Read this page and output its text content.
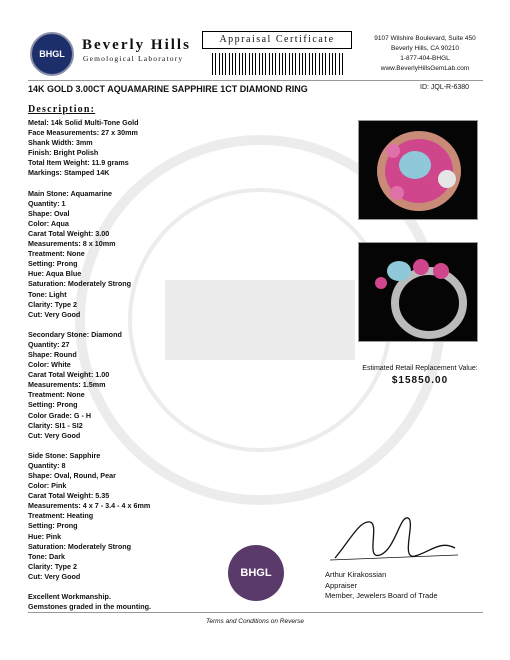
BHGL
Beverly Hills
Gemological Laboratory
Appraisal Certificate	9107 Wilshire Boulevard, Suite 450
Beverly Hills, CA 90210
1-877-404-BHGL
www.BeverlyHillsGemLab.com
14K GOLD 3.00CT AQUAMARINE SAPPHIRE 1CT DIAMOND RING	ID: JQL-R-6380
Description:
Metal: 14k Solid Multi-Tone Gold
Face Measurements: 27 x 30mm
Shank Width: 3mm
Finish: Bright Polish
Total Item Weight: 11.9 grams
Markings: Stamped 14K
Main Stone: Aquamarine
Quantity: 1
Shape: Oval
Color: Aqua
Carat Total Weight: 3.00
Measurements: 8 x 10mm
Treatment: None
Setting: Prong
Hue: Aqua Blue
Saturation: Moderately Strong
Tone: Light
Clarity: Type 2
Cut: Very Good
Secondary Stone: Diamond
Quantity: 27
Shape: Round
Color: White
Carat Total Weight: 1.00
Measurements: 1.5mm
Treatment: None
Setting: Prong
Color Grade: G - H
Clarity: SI1 - SI2
Cut: Very Good
Side Stone: Sapphire
Quantity: 8
Shape: Oval, Round, Pear
Color: Pink
Carat Total Weight: 5.35
Measurements: 4 x 7 - 3.4 - 4 x 6mm
Treatment: Heating
Setting: Prong
Hue: Pink
Saturation: Moderately Strong
Tone: Dark
Clarity: Type 2
Cut: Very Good
Excellent Workmanship.
Gemstones graded in the mounting.
Estimated Retail Replacement Value:
$15850.00
BHGL	Arthur Kirakossian
Appraiser
Member, Jewelers Board of Trade
Terms and Conditions on Reverse
